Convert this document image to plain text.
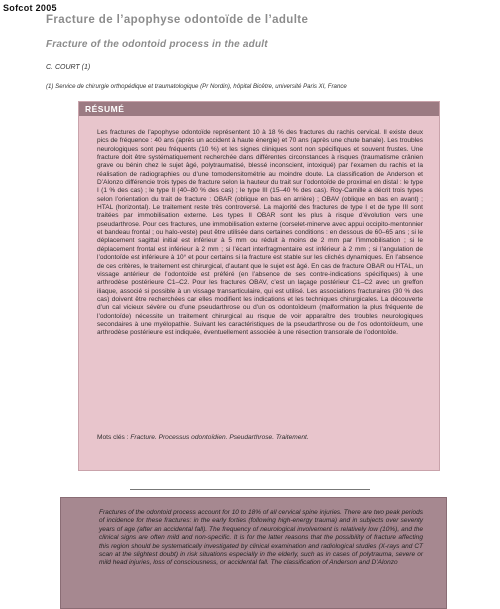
Sofcot 2005
Fracture de l’apophyse odontoïde de l’adulte
Fracture of the odontoid process in the adult
C. COURT (1)
(1) Service de chirurgie orthopédique et traumatologique (Pr Nordin), hôpital Bicêtre, université Paris XI, France
RÉSUMÉ
Les fractures de l’apophyse odontoïde représentent 10 à 18 % des fractures du rachis cervical. Il existe deux pics de fréquence : 40 ans (après un accident à haute énergie) et 70 ans (après une chute banale). Les troubles neurologiques sont peu fréquents (10 %) et les signes cliniques sont non spécifiques et souvent frustes. Une fracture doit être systématiquement recherchée dans différentes circonstances à risques (traumatisme crânien grave ou bénin chez le sujet âgé, polytraumatisé, blessé inconscient, intoxiqué) par l’examen du rachis et la réalisation de radiographies ou d’une tomodensitométrie au moindre doute. La classification de Anderson et D’Alonzo différencie trois types de fracture selon la hauteur du trait sur l’odontoïde de proximal en distal : le type I (1 % des cas) ; le type II (40–80 % des cas) ; le type III (15–40 % des cas). Roy-Camille a décrit trois types selon l’orientation du trait de fracture : OBAR (oblique en bas en arrière) ; OBAV (oblique en bas en avant) ; HTAL (horizontal). Le traitement reste très controversé. La majorité des fractures de type I et de type III sont traitées par immobilisation externe. Les types II OBAR sont les plus à risque d’évolution vers une pseudarthrose. Pour ces fractures, une immobilisation externe (corselet-minerve avec appui occipito-mentonnier et bandeau frontal ; ou halo-veste) peut être utilisée dans certaines conditions : en dessous de 60–65 ans ; si le déplacement sagittal initial est inférieur à 5 mm ou réduit à moins de 2 mm par l’immobilisation ; si le déplacement frontal est inférieur à 2 mm ; si l’écart interfragmentaire est inférieur à 2 mm ; si l’angulation de l’odontoïde est inférieure à 10° et pour certains si la fracture est stable sur les clichés dynamiques. En l’absence de ces critères, le traitement est chirurgical, d’autant que le sujet est âgé. En cas de fracture OBAR ou HTAL, un vissage antérieur de l’odontoïde est préféré (en l’absence de ses contre-indications spécifiques) à une arthrodèse postérieure C1–C2. Pour les fractures OBAV, c’est un laçage postérieur C1–C2 avec un greffon iliaque, associé si possible à un vissage transarticulaire, qui est utilisé. Les associations fracturaires (30 % des cas) doivent être recherchées car elles modifient les indications et les techniques chirurgicales. La découverte d’un cal vicieux sévère ou d’une pseudarthrose ou d’un os odontoïdeum (malformation la plus fréquente de l’odontoïde) nécessite un traitement chirurgical au risque de voir apparaître des troubles neurologiques secondaires à une myélopathie. Suivant les caractéristiques de la pseudarthrose ou de l’os odontoïdeum, une arthrodèse postérieure est indiquée, éventuellement associée à une résection transorale de l’odontoïde.
Mots clés : Fracture. Processus odontoïdien. Pseudarthrose. Traitement.
Fractures of the odontoid process account for 10 to 18% of all cervical spine injuries. There are two peak periods of incidence for these fractures: in the early forties (following high-energy trauma) and in subjects over seventy years of age (after an accidental fall). The frequency of neurological involvement is relatively low (10%), and the clinical signs are often mild and non-specific. It is for the latter reasons that the possibility of fracture affecting this region should be systematically investigated by clinical examination and radiological studies (X-rays and CT scan at the slightest doubt) in risk situations especially in the elderly, such as in cases of polytrauma, severe or mild head injuries, loss of consciousness, or accidental fall. The classification of Anderson and D’Alonzo
